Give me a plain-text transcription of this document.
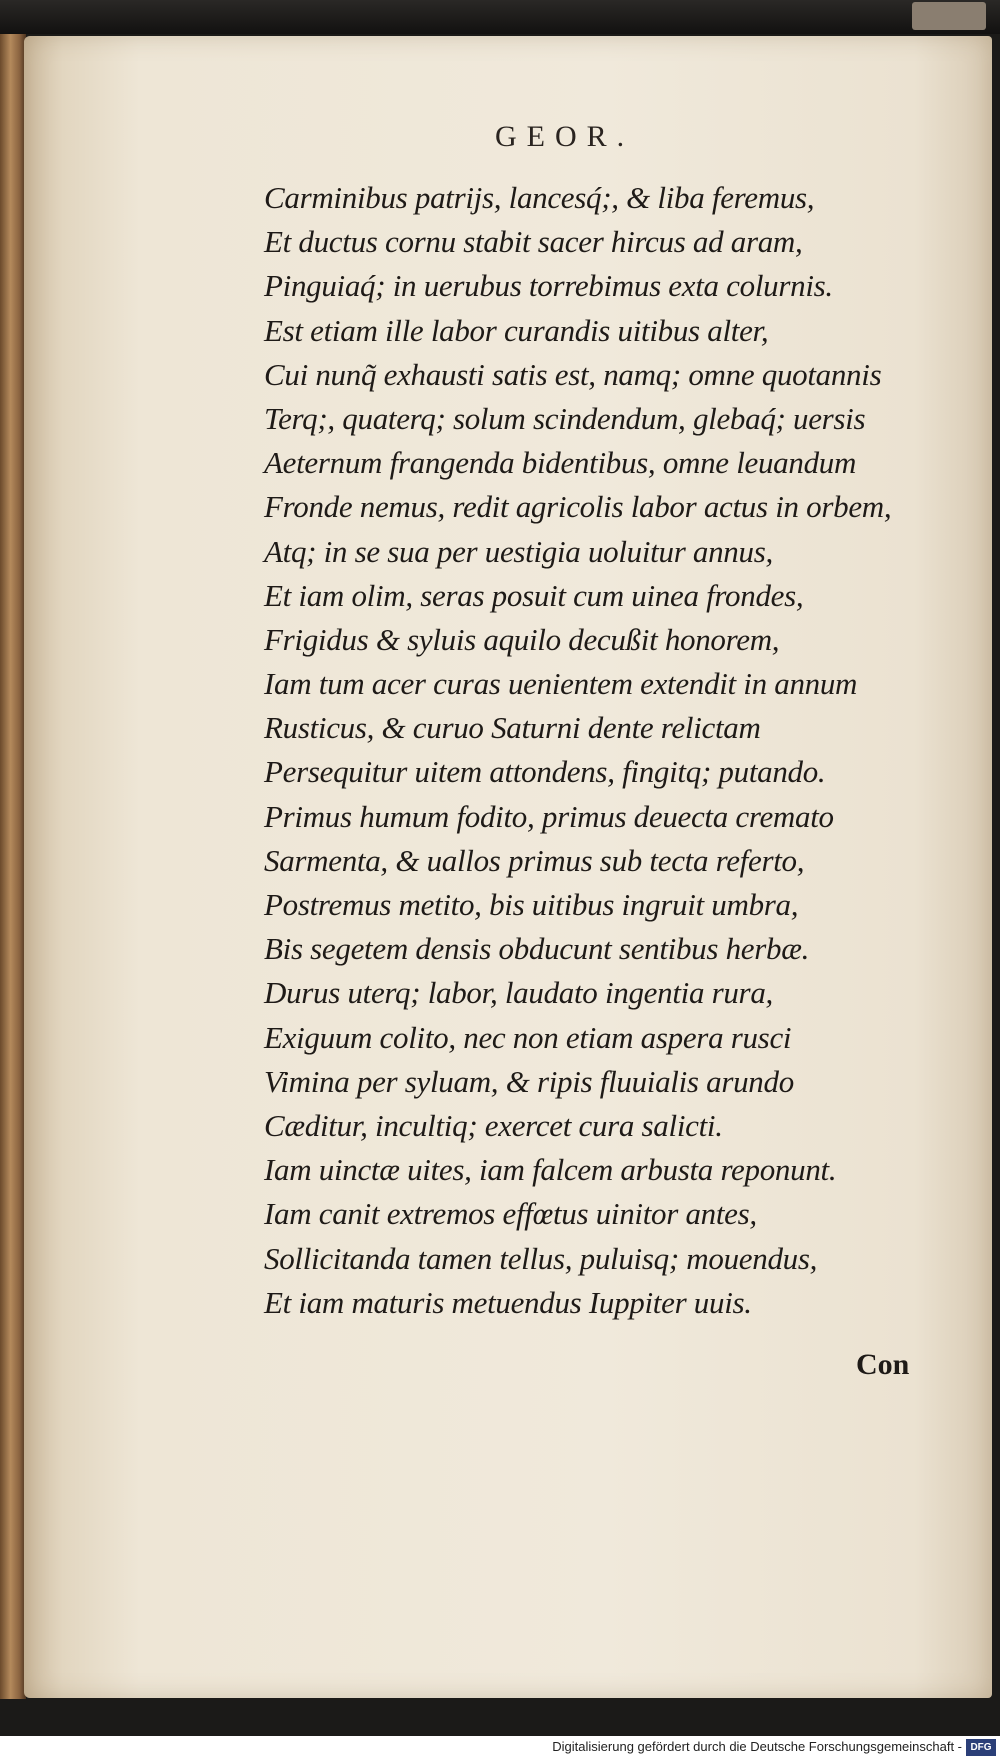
GEOR.
Carminibus patrijs, lancesq́;, & liba feremus,
Et ductus cornu stabit sacer hircus ad aram,
Pinguiaq́; in uerubus torrebimus exta colurnis.
Est etiam ille labor curandis uitibus alter,
Cui nunq̃ exhausti satis est, namq; omne quotannis
Terq;, quaterq; solum scindendum, glebaq́; uersis
Aeternum frangenda bidentibus, omne leuandum
Fronde nemus, redit agricolis labor actus in orbem,
Atq; in se sua per uestigia uoluitur annus,
Et iam olim, seras posuit cum uinea frondes,
Frigidus & syluis aquilo decußit honorem,
Iam tum acer curas uenientem extendit in annum
Rusticus, & curuo Saturni dente relictam
Persequitur uitem attondens, fingitq; putando.
Primus humum fodito, primus deuecta cremato
Sarmenta, & uallos primus sub tecta referto,
Postremus metito, bis uitibus ingruit umbra,
Bis segetem densis obducunt sentibus herbæ.
Durus uterq; labor, laudato ingentia rura,
Exiguum colito, nec non etiam aspera rusci
Vimina per syluam, & ripis fluuialis arundo
Cæditur, incultiq; exercet cura salicti.
Iam uinctæ uites, iam falcem arbusta reponunt.
Iam canit extremos effœtus uinitor antes,
Sollicitanda tamen tellus, puluisq; mouendus,
Et iam maturis metuendus Iuppiter uuis.
Con
Digitalisierung gefördert durch die Deutsche Forschungsgemeinschaft - DFG
